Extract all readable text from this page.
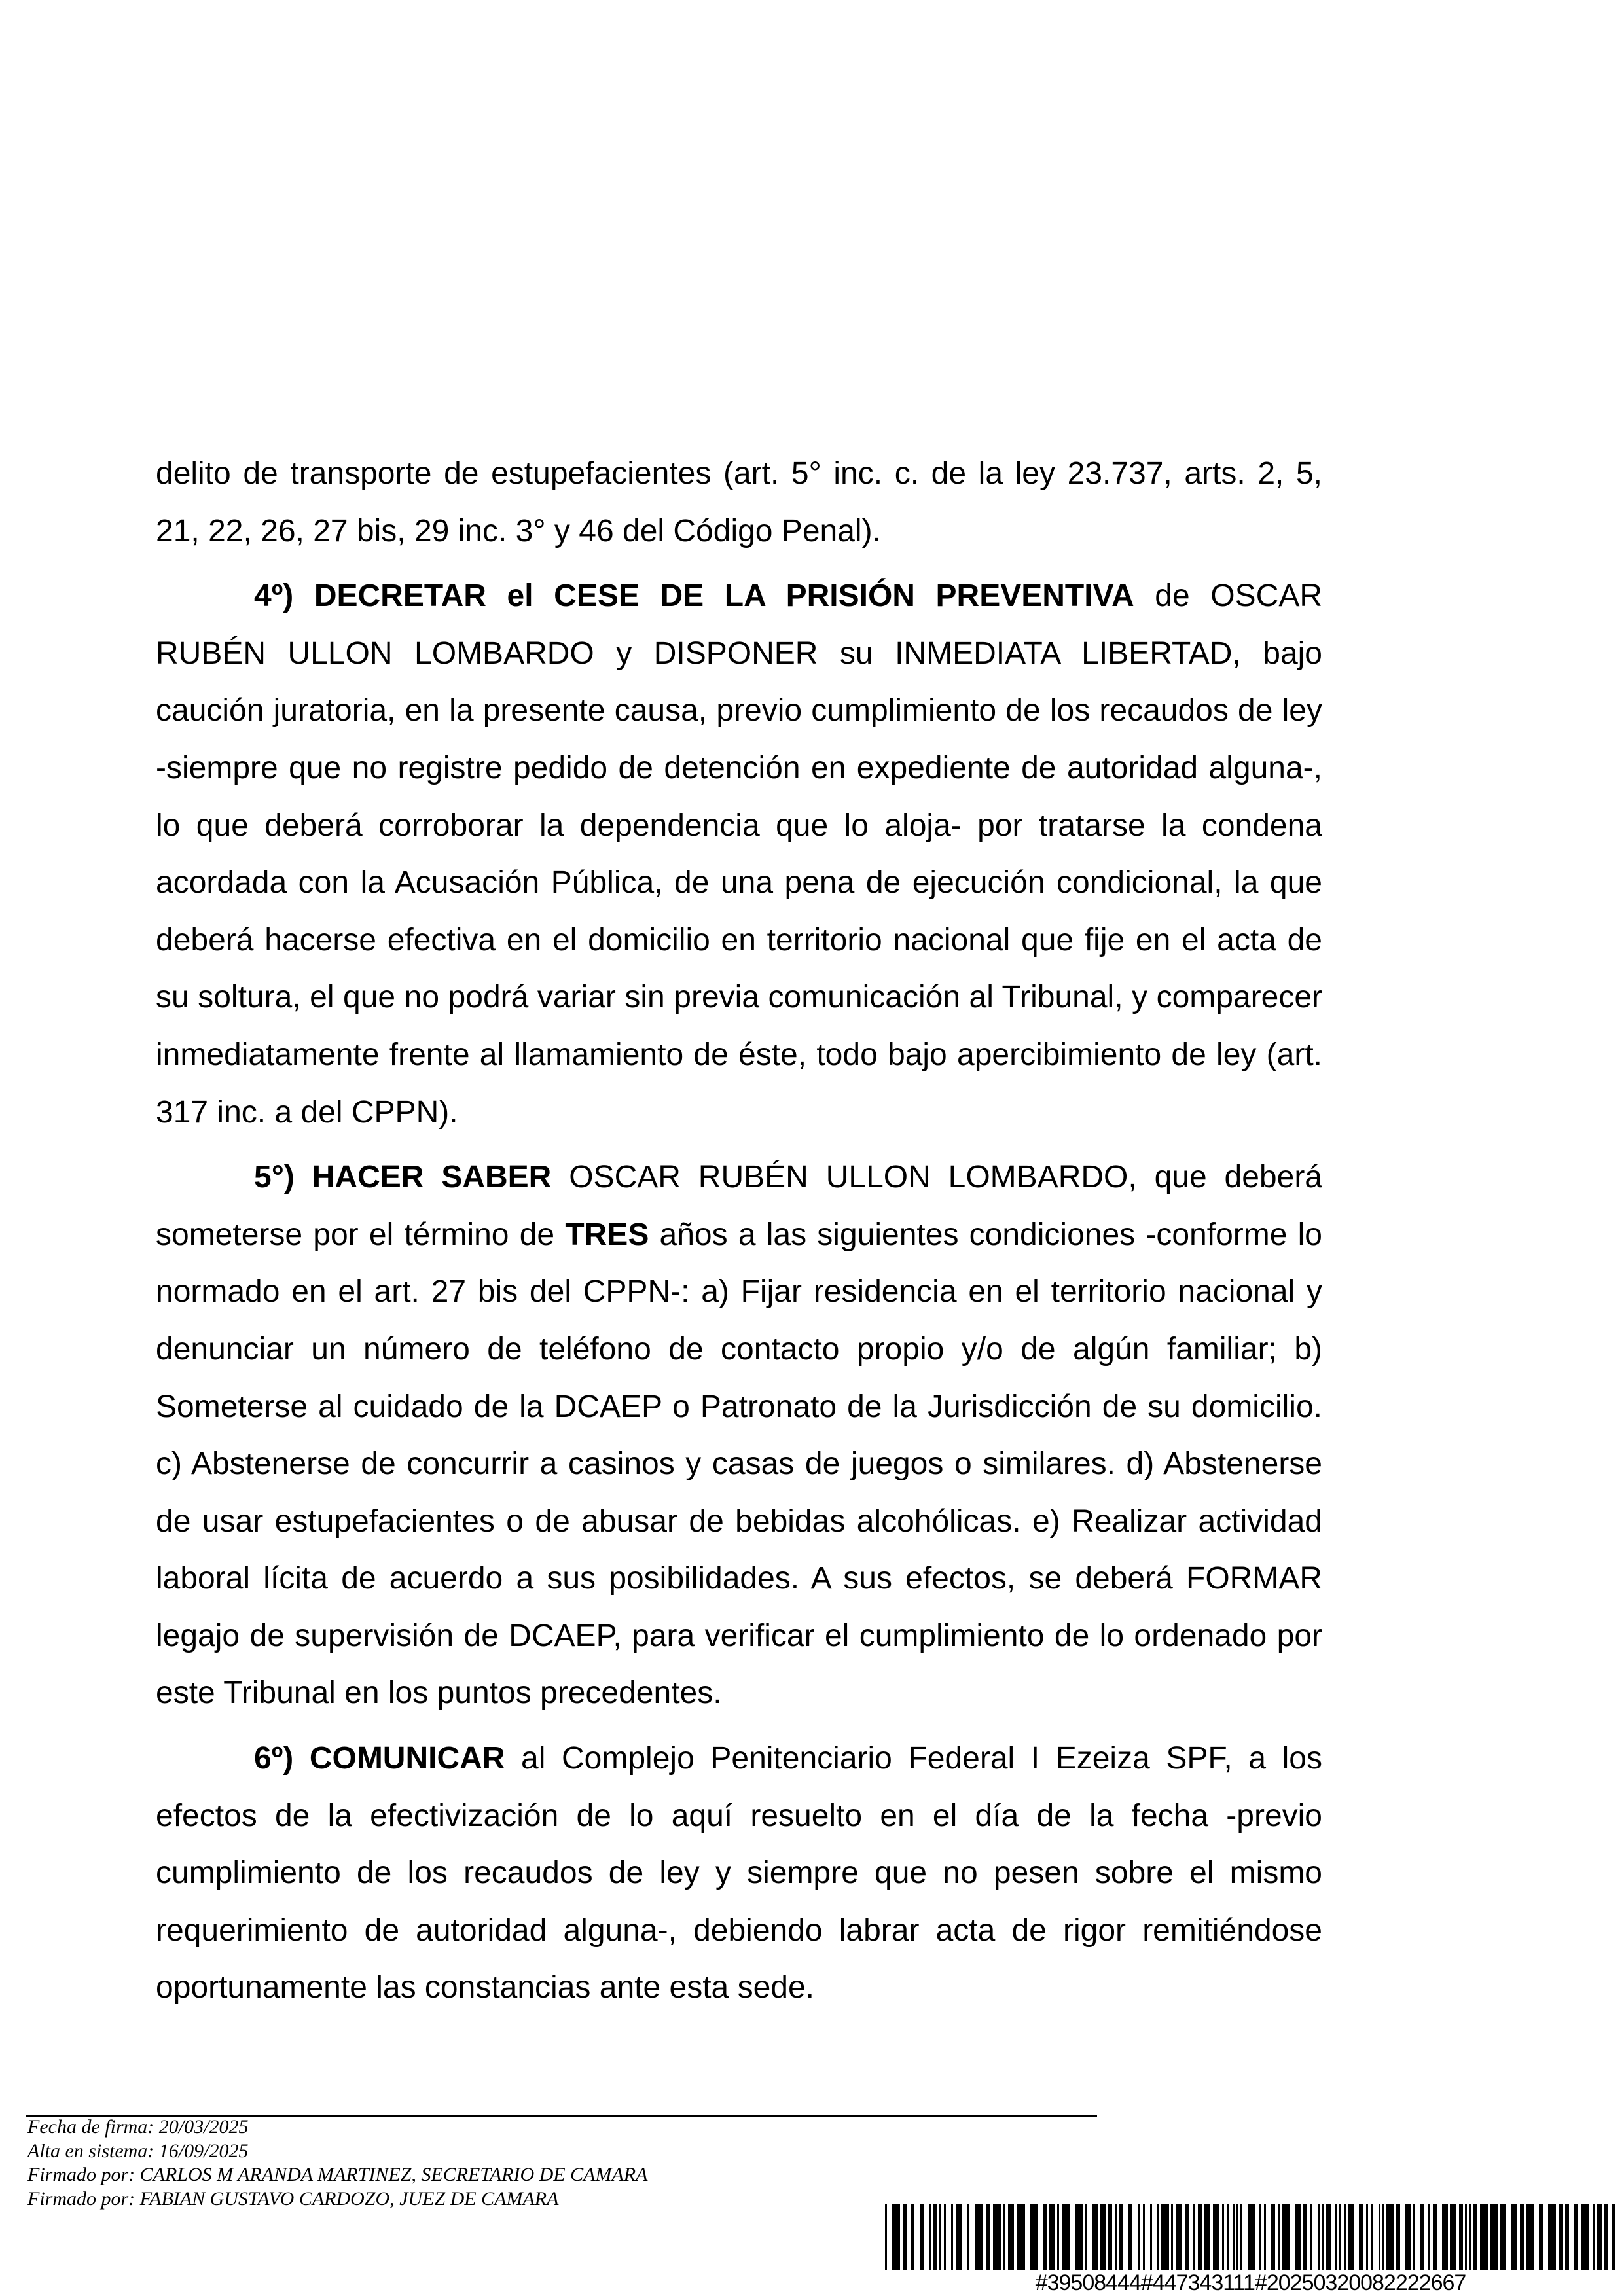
delito de transporte de estupefacientes (art. 5° inc. c. de la ley 23.737, arts. 2, 5, 21, 22, 26, 27 bis, 29 inc. 3° y 46 del Código Penal).

4º) DECRETAR el CESE DE LA PRISIÓN PREVENTIVA de OSCAR RUBÉN ULLON LOMBARDO y DISPONER su INMEDIATA LIBERTAD, bajo caución juratoria, en la presente causa, previo cumplimiento de los recaudos de ley -siempre que no registre pedido de detención en expediente de autoridad alguna-, lo que deberá corroborar la dependencia que lo aloja- por tratarse la condena acordada con la Acusación Pública, de una pena de ejecución condicional, la que deberá hacerse efectiva en el domicilio en territorio nacional que fije en el acta de su soltura, el que no podrá variar sin previa comunicación al Tribunal, y comparecer inmediatamente frente al llamamiento de éste, todo bajo apercibimiento de ley (art. 317 inc. a del CPPN).

5°) HACER SABER OSCAR RUBÉN ULLON LOMBARDO, que deberá someterse por el término de TRES años a las siguientes condiciones -conforme lo normado en el art. 27 bis del CPPN-: a) Fijar residencia en el territorio nacional y denunciar un número de teléfono de contacto propio y/o de algún familiar; b) Someterse al cuidado de la DCAEP o Patronato de la Jurisdicción de su domicilio. c) Abstenerse de concurrir a casinos y casas de juegos o similares. d) Abstenerse de usar estupefacientes o de abusar de bebidas alcohólicas. e) Realizar actividad laboral lícita de acuerdo a sus posibilidades. A sus efectos, se deberá FORMAR legajo de supervisión de DCAEP, para verificar el cumplimiento de lo ordenado por este Tribunal en los puntos precedentes.

6º) COMUNICAR al Complejo Penitenciario Federal I Ezeiza SPF, a los efectos de la efectivización de lo aquí resuelto en el día de la fecha -previo cumplimiento de los recaudos de ley y siempre que no pesen sobre el mismo requerimiento de autoridad alguna-, debiendo labrar acta de rigor remitiéndose oportunamente las constancias ante esta sede.

Fecha de firma: 20/03/2025
Alta en sistema: 16/09/2025
Firmado por: CARLOS M ARANDA MARTINEZ, SECRETARIO DE CAMARA
Firmado por: FABIAN GUSTAVO CARDOZO, JUEZ DE CAMARA
#39508444#447343111#20250320082222667
